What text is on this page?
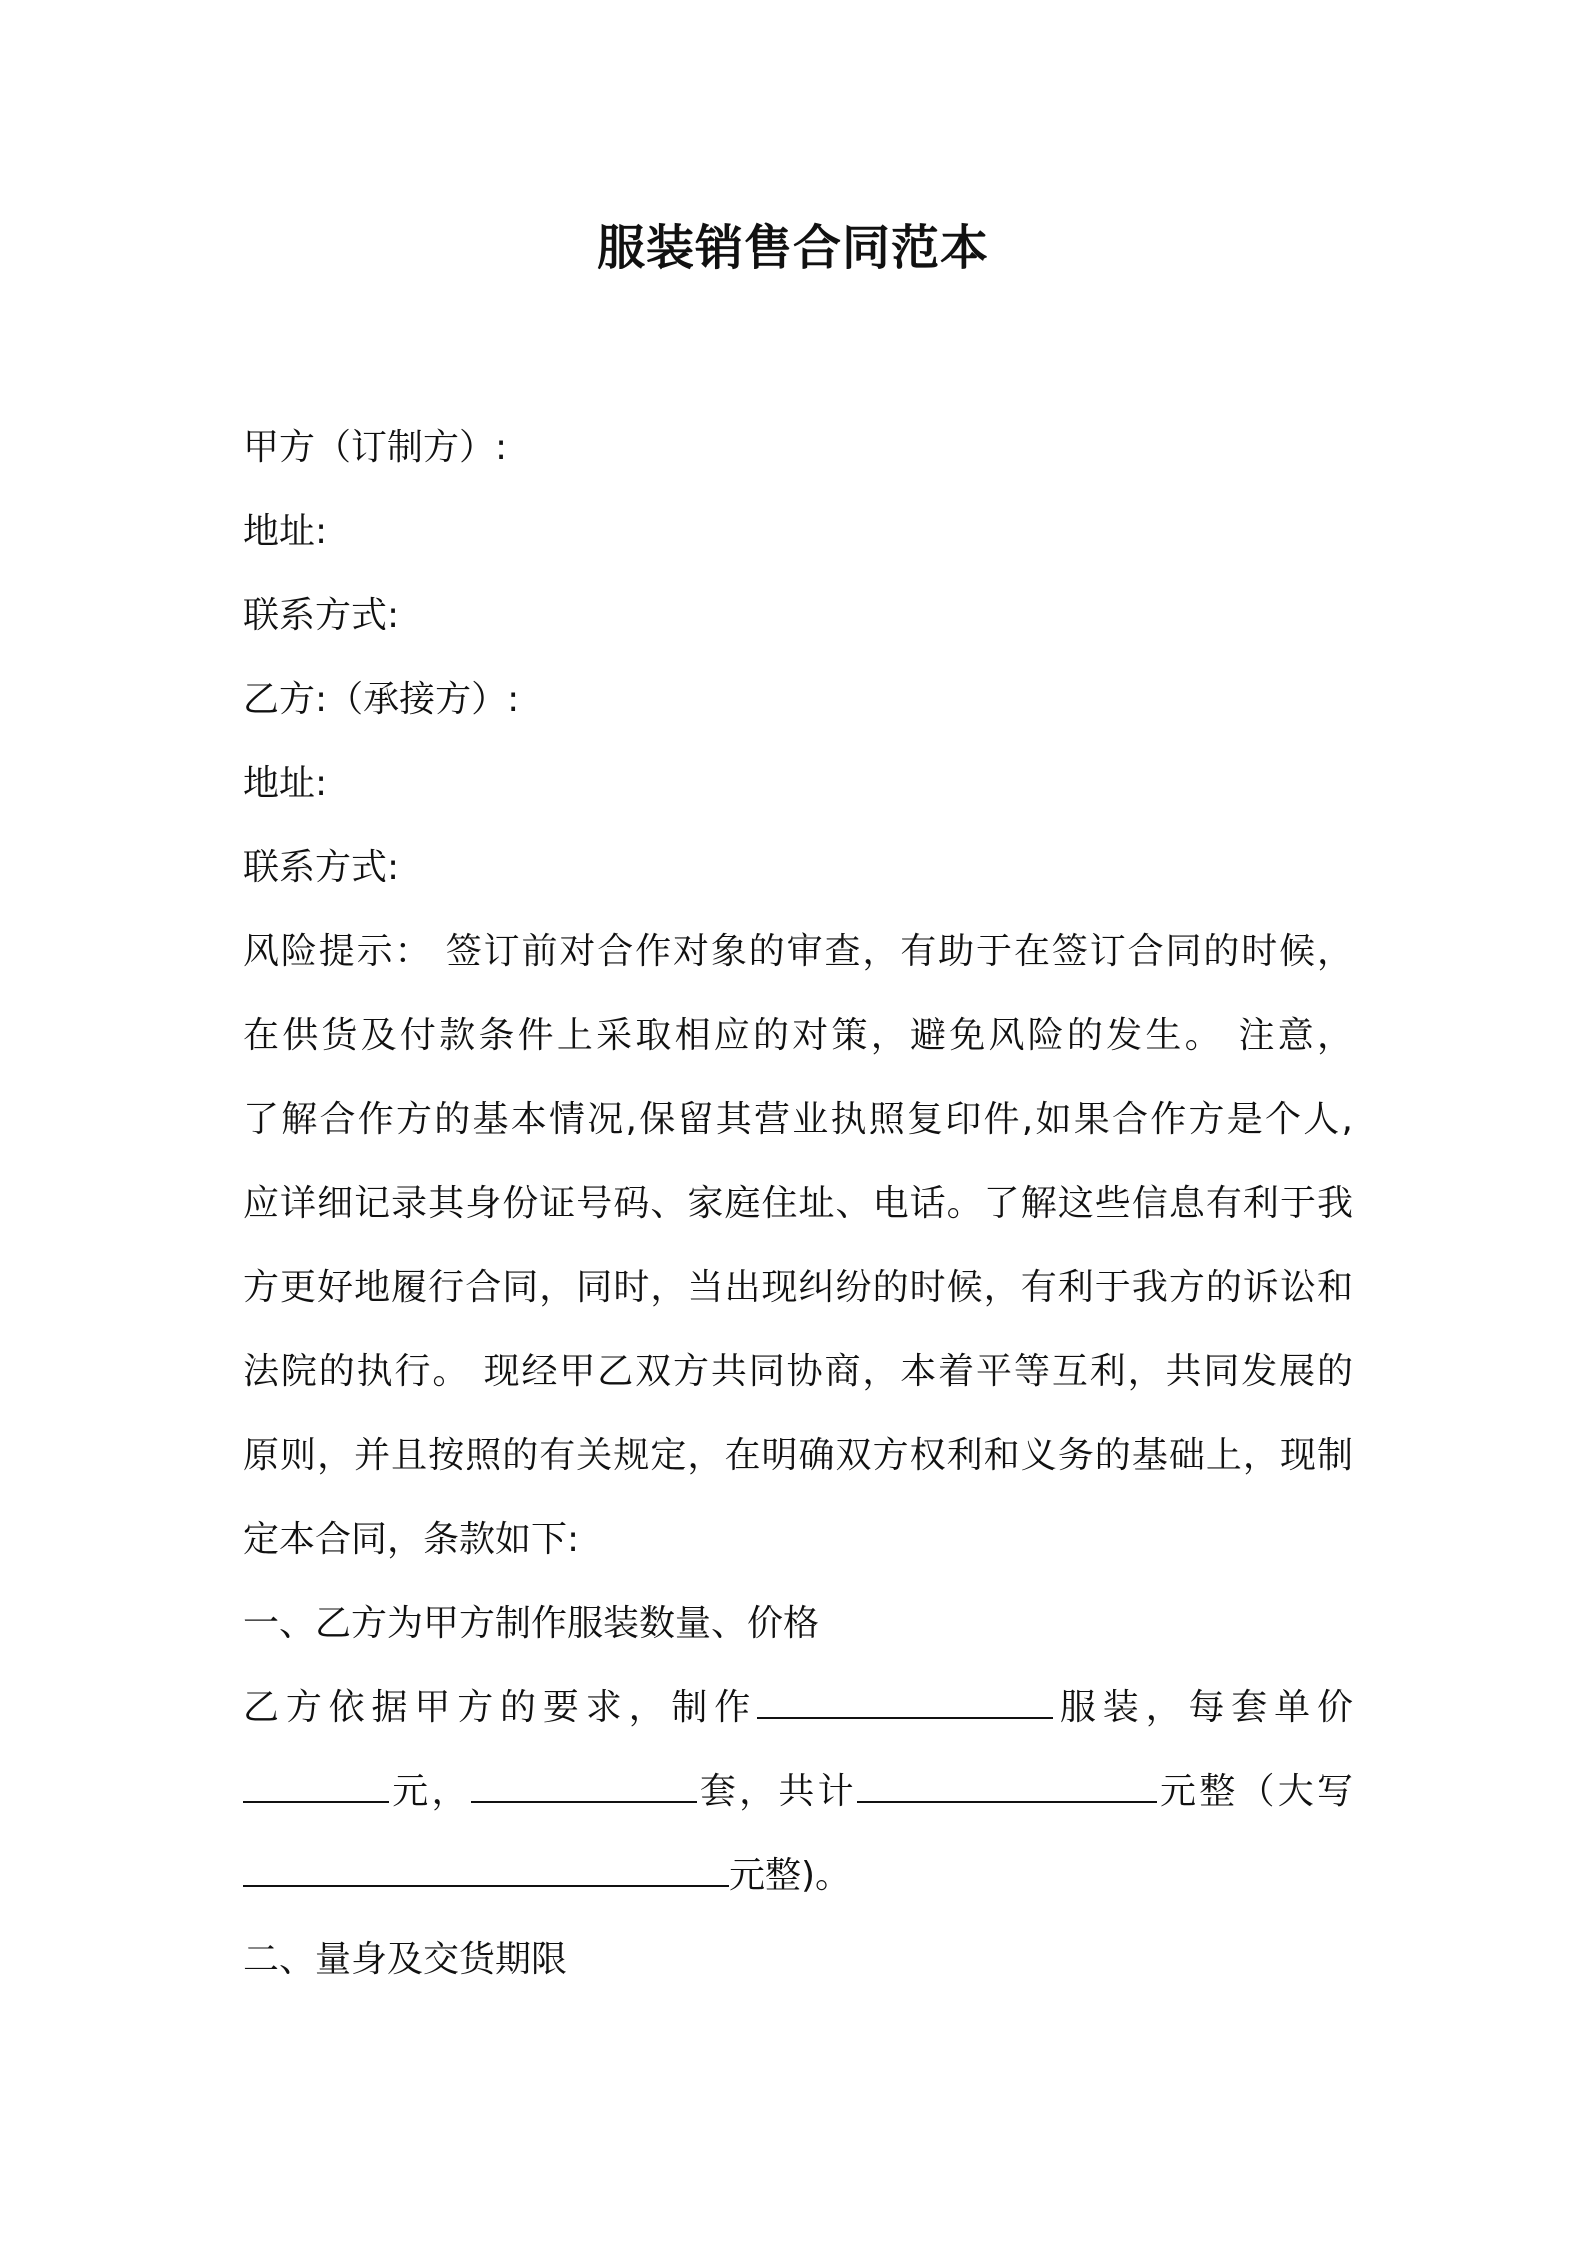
服装销售合同范本
甲方（订制方）:
地址:
联系方式:
乙方:（承接方）:
地址:
联系方式:
风险提示： 签订前对合作对象的审查，有助于在签订合同的时候，
在供货及付款条件上采取相应的对策，避免风险的发生。 注意，
了解合作方的基本情况,保留其营业执照复印件,如果合作方是个人,
应详细记录其身份证号码、家庭住址、电话。了解这些信息有利于我
方更好地履行合同，同时，当出现纠纷的时候，有利于我方的诉讼和
法院的执行。 现经甲乙双方共同协商，本着平等互利，共同发展的
原则，并且按照的有关规定，在明确双方权利和义务的基础上，现制
定本合同，条款如下:
一、乙方为甲方制作服装数量、价格
乙方依据甲方的要求，制作	服装，每套单价
元，	套，共计	元整（大写
元整)。
二、量身及交货期限
